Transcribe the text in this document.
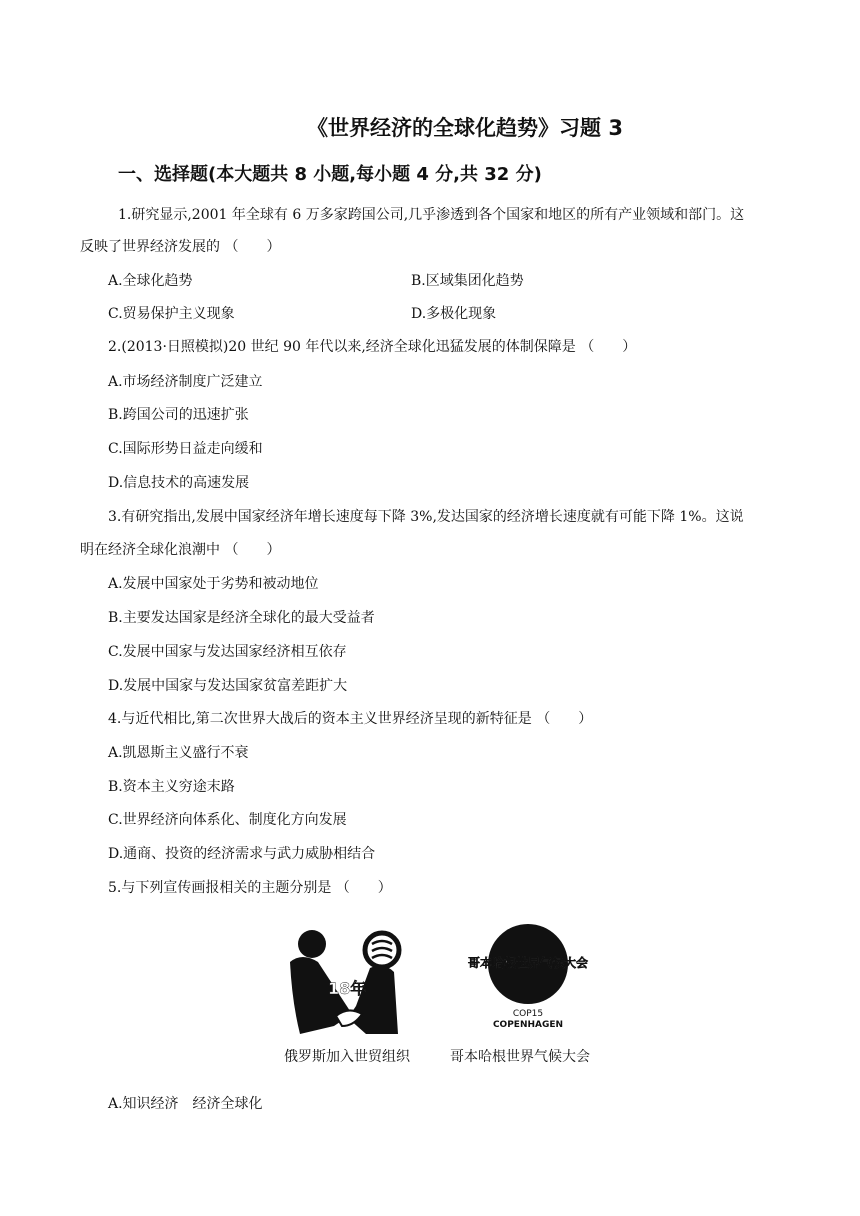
《世界经济的全球化趋势》习题 3
一、选择题(本大题共 8 小题,每小题 4 分,共 32 分)
1.研究显示,2001 年全球有 6 万多家跨国公司,几乎渗透到各个国家和地区的所有产业领域和部门。这
反映了世界经济发展的 （　　）
A.全球化趋势	B.区域集团化趋势
C.贸易保护主义现象	D.多极化现象
2.(2013·日照模拟)20 世纪 90 年代以来,经济全球化迅猛发展的体制保障是 （　　）
A.市场经济制度广泛建立
B.跨国公司的迅速扩张
C.国际形势日益走向缓和
D.信息技术的高速发展
3.有研究指出,发展中国家经济年增长速度每下降 3%,发达国家的经济增长速度就有可能下降 1%。这说
明在经济全球化浪潮中 （　　）
A.发展中国家处于劣势和被动地位
B.主要发达国家是经济全球化的最大受益者
C.发展中国家与发达国家经济相互依存
D.发展中国家与发达国家贫富差距扩大
4.与近代相比,第二次世界大战后的资本主义世界经济呈现的新特征是 （　　）
A.凯恩斯主义盛行不衰
B.资本主义穷途末路
C.世界经济向体系化、制度化方向发展
D.通商、投资的经济需求与武力威胁相结合
5.与下列宣传画报相关的主题分别是 （　　）
18年
哥本哈根世界气候大会
COP15
COPENHAGEN
俄罗斯加入世贸组织	哥本哈根世界气候大会
A.知识经济　经济全球化
